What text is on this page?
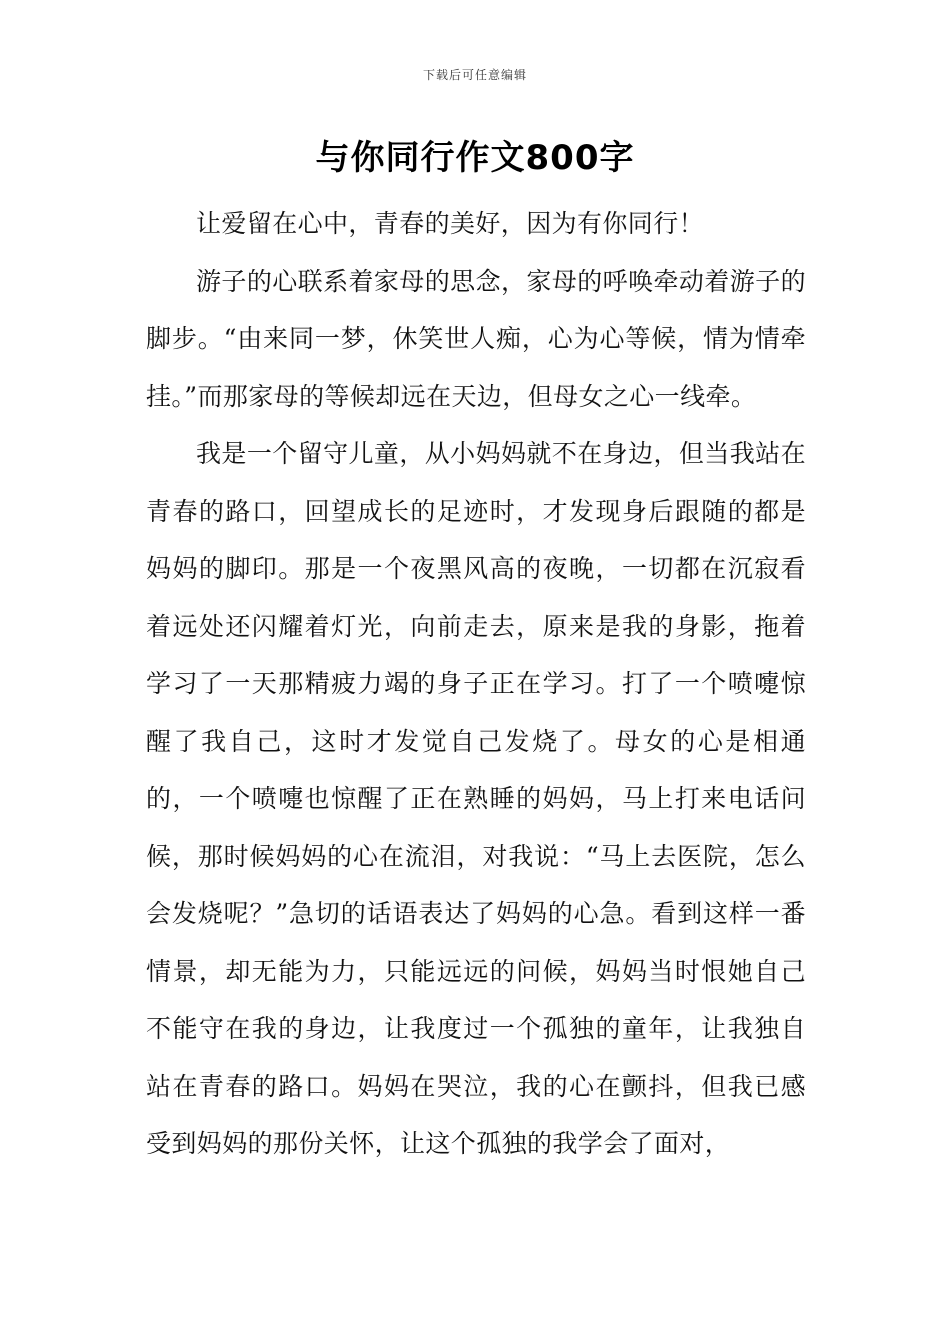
下载后可任意编辑
与你同行作文800字

让爱留在心中，青春的美好，因为有你同行！

游子的心联系着家母的思念，家母的呼唤牵动着游子的脚步。“由来同一梦，休笑世人痴，心为心等候，情为情牵挂。”而那家母的等候却远在天边，但母女之心一线牵。

我是一个留守儿童，从小妈妈就不在身边，但当我站在青春的路口，回望成长的足迹时，才发现身后跟随的都是妈妈的脚印。那是一个夜黑风高的夜晚，一切都在沉寂看着远处还闪耀着灯光，向前走去，原来是我的身影，拖着学习了一天那精疲力竭的身子正在学习。打了一个喷嚏惊醒了我自己，这时才发觉自己发烧了。母女的心是相通的，一个喷嚏也惊醒了正在熟睡的妈妈，马上打来电话问候，那时候妈妈的心在流泪，对我说：“马上去医院，怎么会发烧呢？”急切的话语表达了妈妈的心急。看到这样一番情景，却无能为力，只能远远的问候，妈妈当时恨她自己不能守在我的身边，让我度过一个孤独的童年，让我独自站在青春的路口。妈妈在哭泣，我的心在颤抖，但我已感受到妈妈的那份关怀，让这个孤独的我学会了面对，
